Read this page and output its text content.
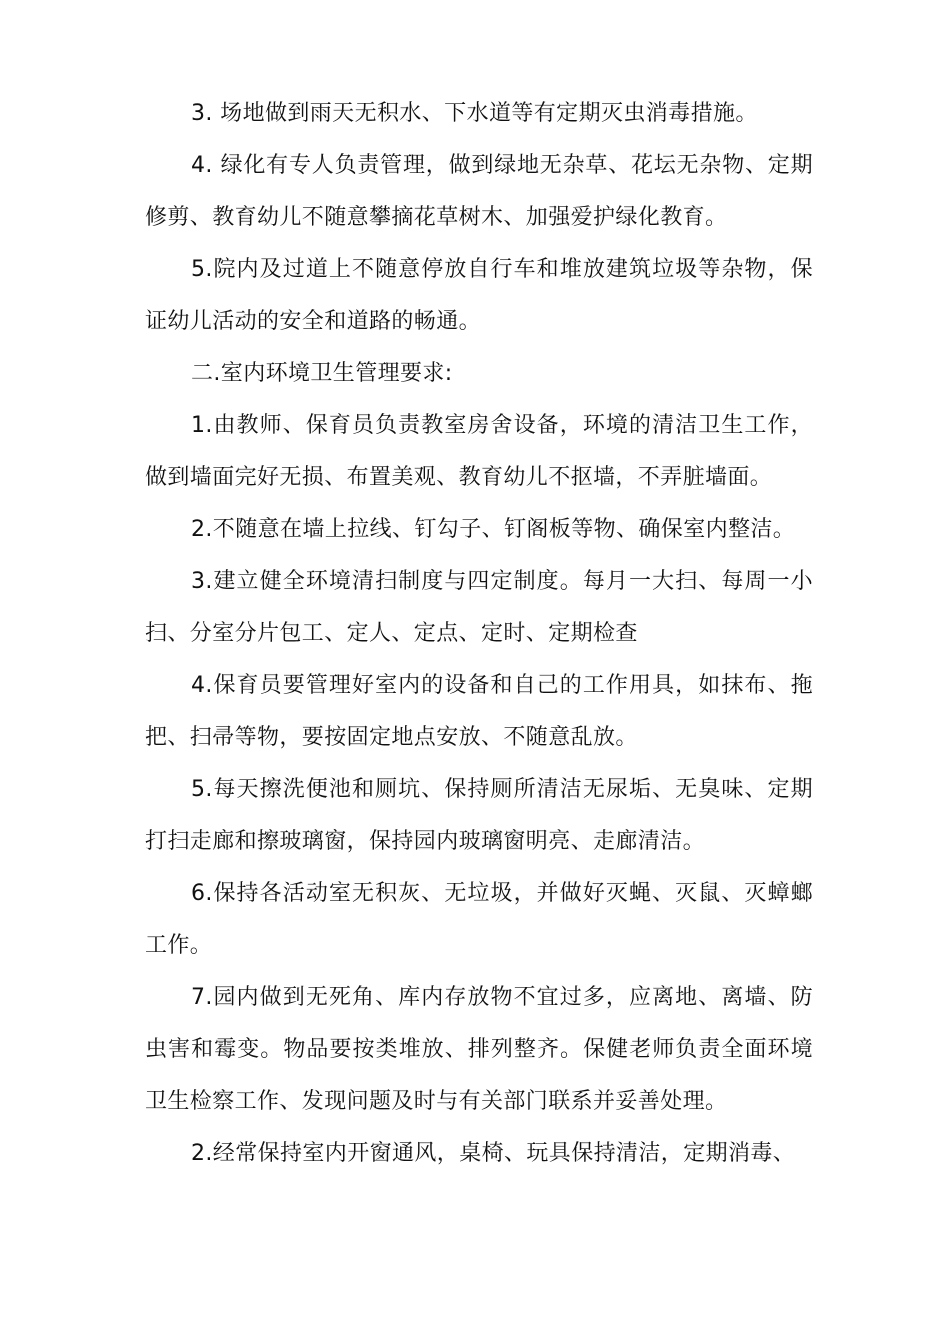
3. 场地做到雨天无积水、下水道等有定期灭虫消毒措施。

4. 绿化有专人负责管理，做到绿地无杂草、花坛无杂物、定期修剪、教育幼儿不随意攀摘花草树木、加强爱护绿化教育。

5.院内及过道上不随意停放自行车和堆放建筑垃圾等杂物，保证幼儿活动的安全和道路的畅通。

二.室内环境卫生管理要求:

1.由教师、保育员负责教室房舍设备，环境的清洁卫生工作，做到墙面完好无损、布置美观、教育幼儿不抠墙，不弄脏墙面。

2.不随意在墙上拉线、钉勾子、钉阁板等物、确保室内整洁。

3.建立健全环境清扫制度与四定制度。每月一大扫、每周一小扫、分室分片包工、定人、定点、定时、定期检查

4.保育员要管理好室内的设备和自己的工作用具，如抹布、拖把、扫帚等物，要按固定地点安放、不随意乱放。

5.每天擦洗便池和厕坑、保持厕所清洁无尿垢、无臭味、定期打扫走廊和擦玻璃窗，保持园内玻璃窗明亮、走廊清洁。

6.保持各活动室无积灰、无垃圾，并做好灭蝇、灭鼠、灭蟑螂工作。

7.园内做到无死角、库内存放物不宜过多，应离地、离墙、防虫害和霉变。物品要按类堆放、排列整齐。保健老师负责全面环境卫生检察工作、发现问题及时与有关部门联系并妥善处理。

2.经常保持室内开窗通风，桌椅、玩具保持清洁，定期消毒、
